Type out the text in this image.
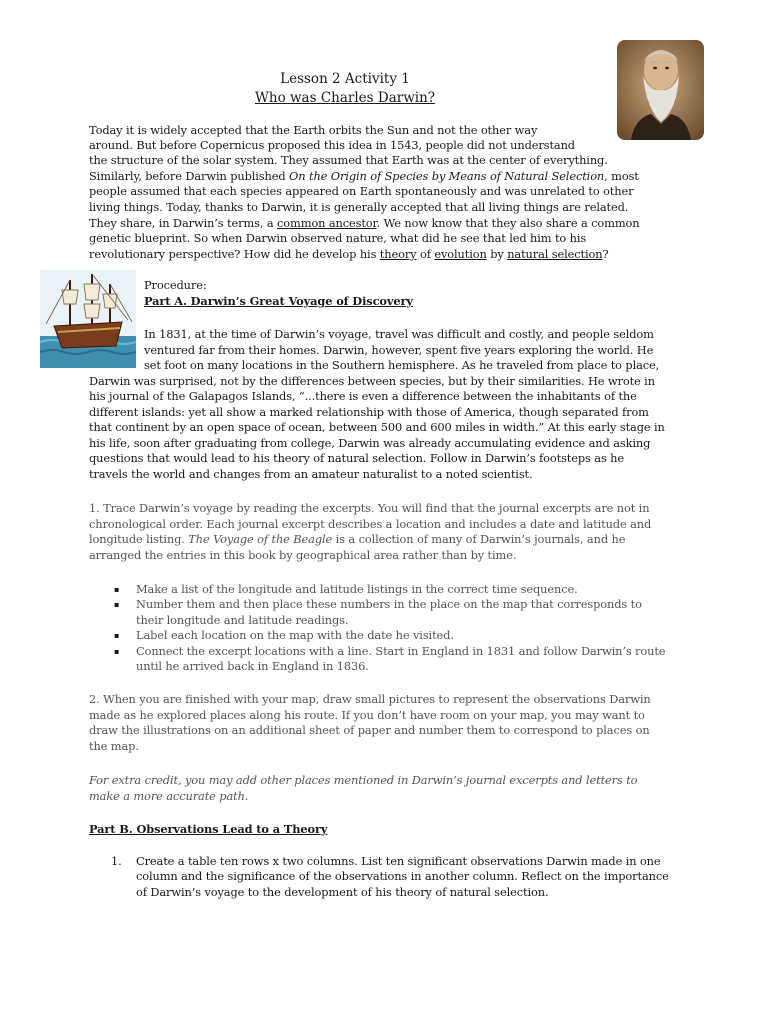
Lesson 2 Activity 1
Who was Charles Darwin?
Today it is widely accepted that the Earth orbits the Sun and not the other way
around. But before Copernicus proposed this idea in 1543, people did not understand
the structure of the solar system. They assumed that Earth was at the center of everything.
Similarly, before Darwin published On the Origin of Species by Means of Natural Selection, most
people assumed that each species appeared on Earth spontaneously and was unrelated to other
living things. Today, thanks to Darwin, it is generally accepted that all living things are related.
They share, in Darwin’s terms, a common ancestor. We now know that they also share a common
genetic blueprint. So when Darwin observed nature, what did he see that led him to his
revolutionary perspective? How did he develop his theory of evolution by natural selection?
Procedure:
Part A. Darwin’s Great Voyage of Discovery
In 1831, at the time of Darwin’s voyage, travel was difficult and costly, and people seldom
ventured far from their homes. Darwin, however, spent five years exploring the world. He
set foot on many locations in the Southern hemisphere. As he traveled from place to place,
Darwin was surprised, not by the differences between species, but by their similarities. He wrote in
his journal of the Galapagos Islands, “...there is even a difference between the inhabitants of the
different islands: yet all show a marked relationship with those of America, though separated from
that continent by an open space of ocean, between 500 and 600 miles in width.” At this early stage in
his life, soon after graduating from college, Darwin was already accumulating evidence and asking
questions that would lead to his theory of natural selection. Follow in Darwin’s footsteps as he
travels the world and changes from an amateur naturalist to a noted scientist.
1. Trace Darwin’s voyage by reading the excerpts. You will find that the journal excerpts are not in
chronological order. Each journal excerpt describes a location and includes a date and latitude and
longitude listing. The Voyage of the Beagle is a collection of many of Darwin’s journals, and he
arranged the entries in this book by geographical area rather than by time.
▪ Make a list of the longitude and latitude listings in the correct time sequence.
▪ Number them and then place these numbers in the place on the map that corresponds to
their longitude and latitude readings.
▪ Label each location on the map with the date he visited.
▪ Connect the excerpt locations with a line. Start in England in 1831 and follow Darwin’s route
until he arrived back in England in 1836.
2. When you are finished with your map, draw small pictures to represent the observations Darwin
made as he explored places along his route. If you don’t have room on your map, you may want to
draw the illustrations on an additional sheet of paper and number them to correspond to places on
the map.
For extra credit, you may add other places mentioned in Darwin’s journal excerpts and letters to
make a more accurate path.
Part B. Observations Lead to a Theory
1. Create a table ten rows x two columns. List ten significant observations Darwin made in one
column and the significance of the observations in another column. Reflect on the importance
of Darwin’s voyage to the development of his theory of natural selection.
